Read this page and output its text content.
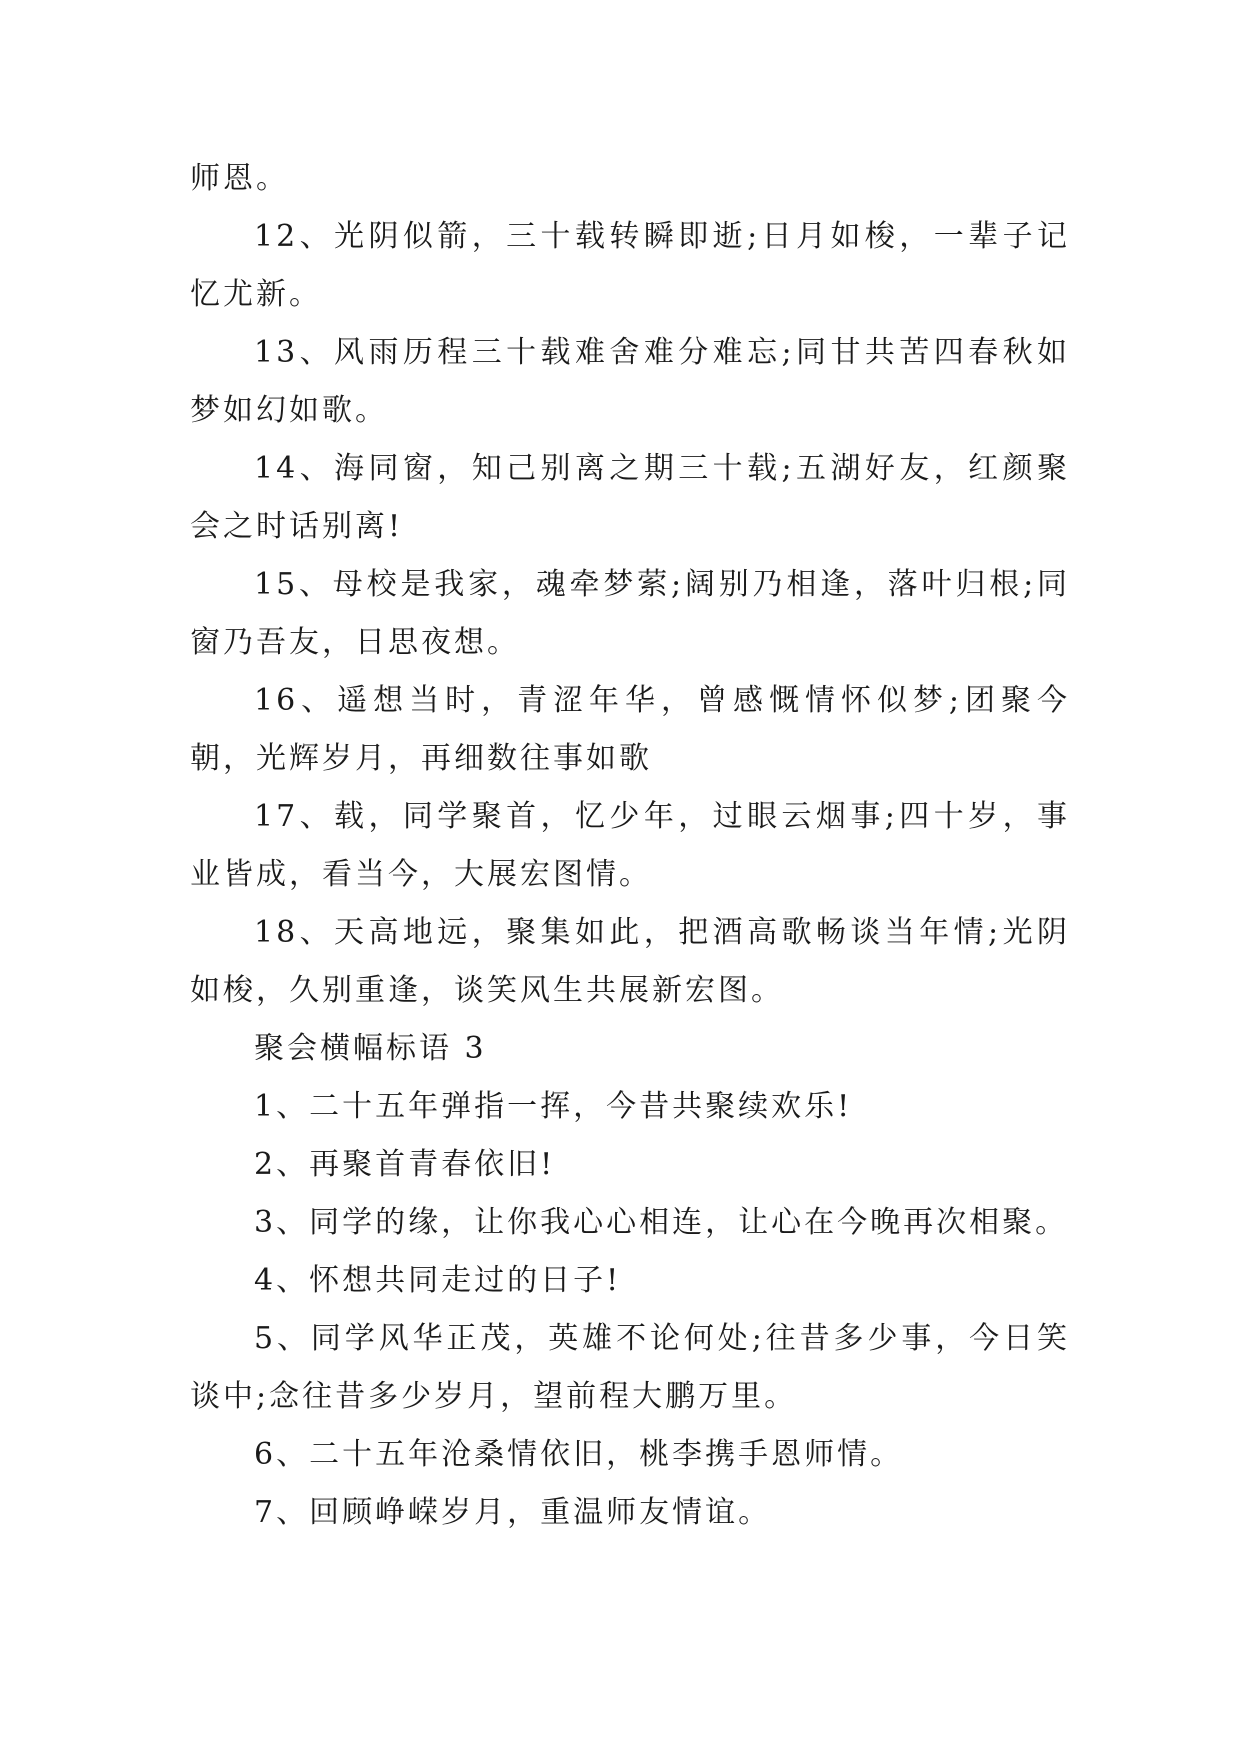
师恩。

12、光阴似箭，三十载转瞬即逝;日月如梭，一辈子记忆尤新。

13、风雨历程三十载难舍难分难忘;同甘共苦四春秋如梦如幻如歌。

14、海同窗，知己别离之期三十载;五湖好友，红颜聚会之时话别离!

15、母校是我家，魂牵梦萦;阔别乃相逢，落叶归根;同窗乃吾友，日思夜想。

16、遥想当时，青涩年华，曾感慨情怀似梦;团聚今朝，光辉岁月，再细数往事如歌

17、载，同学聚首，忆少年，过眼云烟事;四十岁，事业皆成，看当今，大展宏图情。

18、天高地远，聚集如此，把酒高歌畅谈当年情;光阴如梭，久别重逢，谈笑风生共展新宏图。

聚会横幅标语 3

1、二十五年弹指一挥，今昔共聚续欢乐!

2、再聚首青春依旧!

3、同学的缘，让你我心心相连，让心在今晚再次相聚。

4、怀想共同走过的日子!

5、同学风华正茂，英雄不论何处;往昔多少事，今日笑谈中;念往昔多少岁月，望前程大鹏万里。

6、二十五年沧桑情依旧，桃李携手恩师情。

7、回顾峥嵘岁月，重温师友情谊。
